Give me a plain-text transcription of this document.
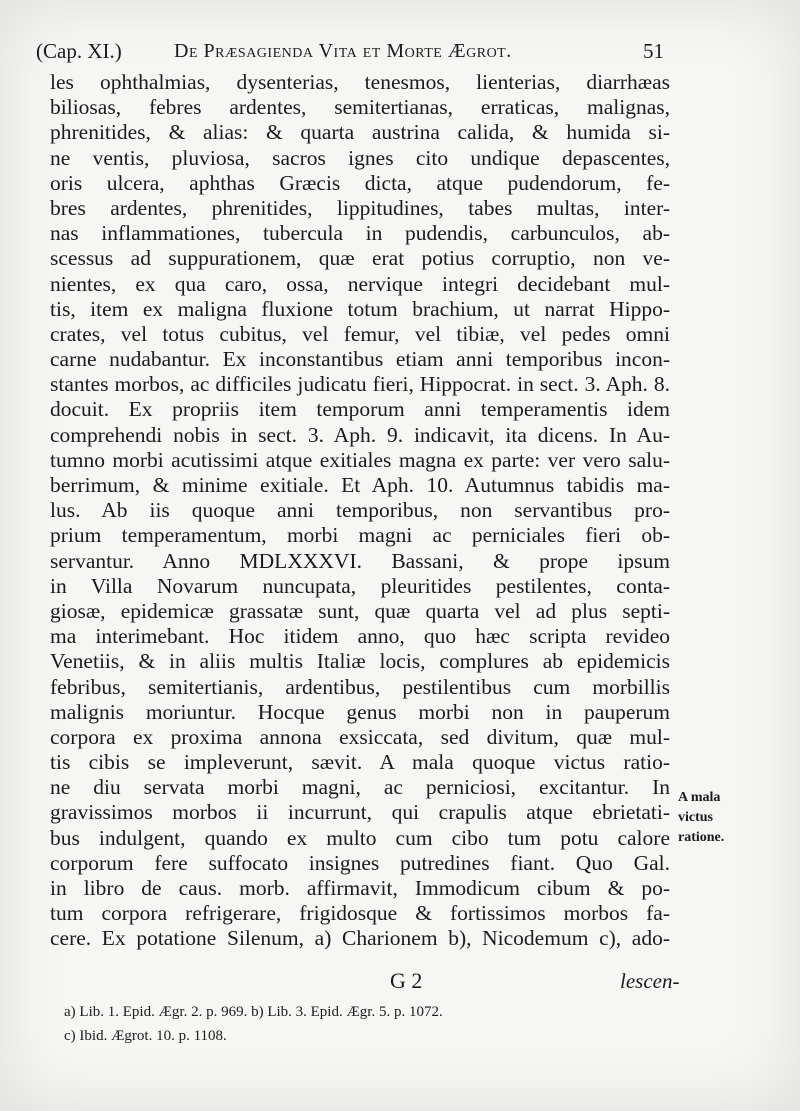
(Cap. XI.)	De Præsagienda Vita et Morte Ægrot.	51
les ophthalmias, dysenterias, tenesmos, lienterias, diarrhæas
biliosas, febres ardentes, semitertianas, erraticas, malignas,
phrenitides, & alias: & quarta austrina calida, & humida si-
ne ventis, pluviosa, sacros ignes cito undique depascentes,
oris ulcera, aphthas Græcis dicta, atque pudendorum, fe-
bres ardentes, phrenitides, lippitudines, tabes multas, inter-
nas inflammationes, tubercula in pudendis, carbunculos, ab-
scessus ad suppurationem, quæ erat potius corruptio, non ve-
nientes, ex qua caro, ossa, nervique integri decidebant mul-
tis, item ex maligna fluxione totum brachium, ut narrat Hippo-
crates, vel totus cubitus, vel femur, vel tibiæ, vel pedes omni
carne nudabantur. Ex inconstantibus etiam anni temporibus incon-
stantes morbos, ac difficiles judicatu fieri, Hippocrat. in sect. 3. Aph. 8.
docuit. Ex propriis item temporum anni temperamentis idem
comprehendi nobis in sect. 3. Aph. 9. indicavit, ita dicens. In Au-
tumno morbi acutissimi atque exitiales magna ex parte: ver vero salu-
berrimum, & minime exitiale. Et Aph. 10. Autumnus tabidis ma-
lus. Ab iis quoque anni temporibus, non servantibus pro-
prium temperamentum, morbi magni ac perniciales fieri ob-
servantur. Anno MDLXXXVI. Bassani, & prope ipsum
in Villa Novarum nuncupata, pleuritides pestilentes, conta-
giosæ, epidemicæ grassatæ sunt, quæ quarta vel ad plus septi-
ma interimebant. Hoc itidem anno, quo hæc scripta revideo
Venetiis, & in aliis multis Italiæ locis, complures ab epidemicis
febribus, semitertianis, ardentibus, pestilentibus cum morbillis
malignis moriuntur. Hocque genus morbi non in pauperum
corpora ex proxima annona exsiccata, sed divitum, quæ mul-
tis cibis se impleverunt, sævit. A mala quoque victus ratio-
ne diu servata morbi magni, ac perniciosi, excitantur. In
gravissimos morbos ii incurrunt, qui crapulis atque ebrietati-
bus indulgent, quando ex multo cum cibo tum potu calore
corporum fere suffocato insignes putredines fiant. Quo Gal.
in libro de caus. morb. affirmavit, Immodicum cibum & po-
tum corpora refrigerare, frigidosque & fortissimos morbos fa-
cere. Ex potatione Silenum, a) Charionem b), Nicodemum c), ado-
A mala
victus
ratione.
G 2	lescen-
a) Lib. 1. Epid. Ægr. 2. p. 969. b) Lib. 3. Epid. Ægr. 5. p. 1072.
c) Ibid. Ægrot. 10. p. 1108.
